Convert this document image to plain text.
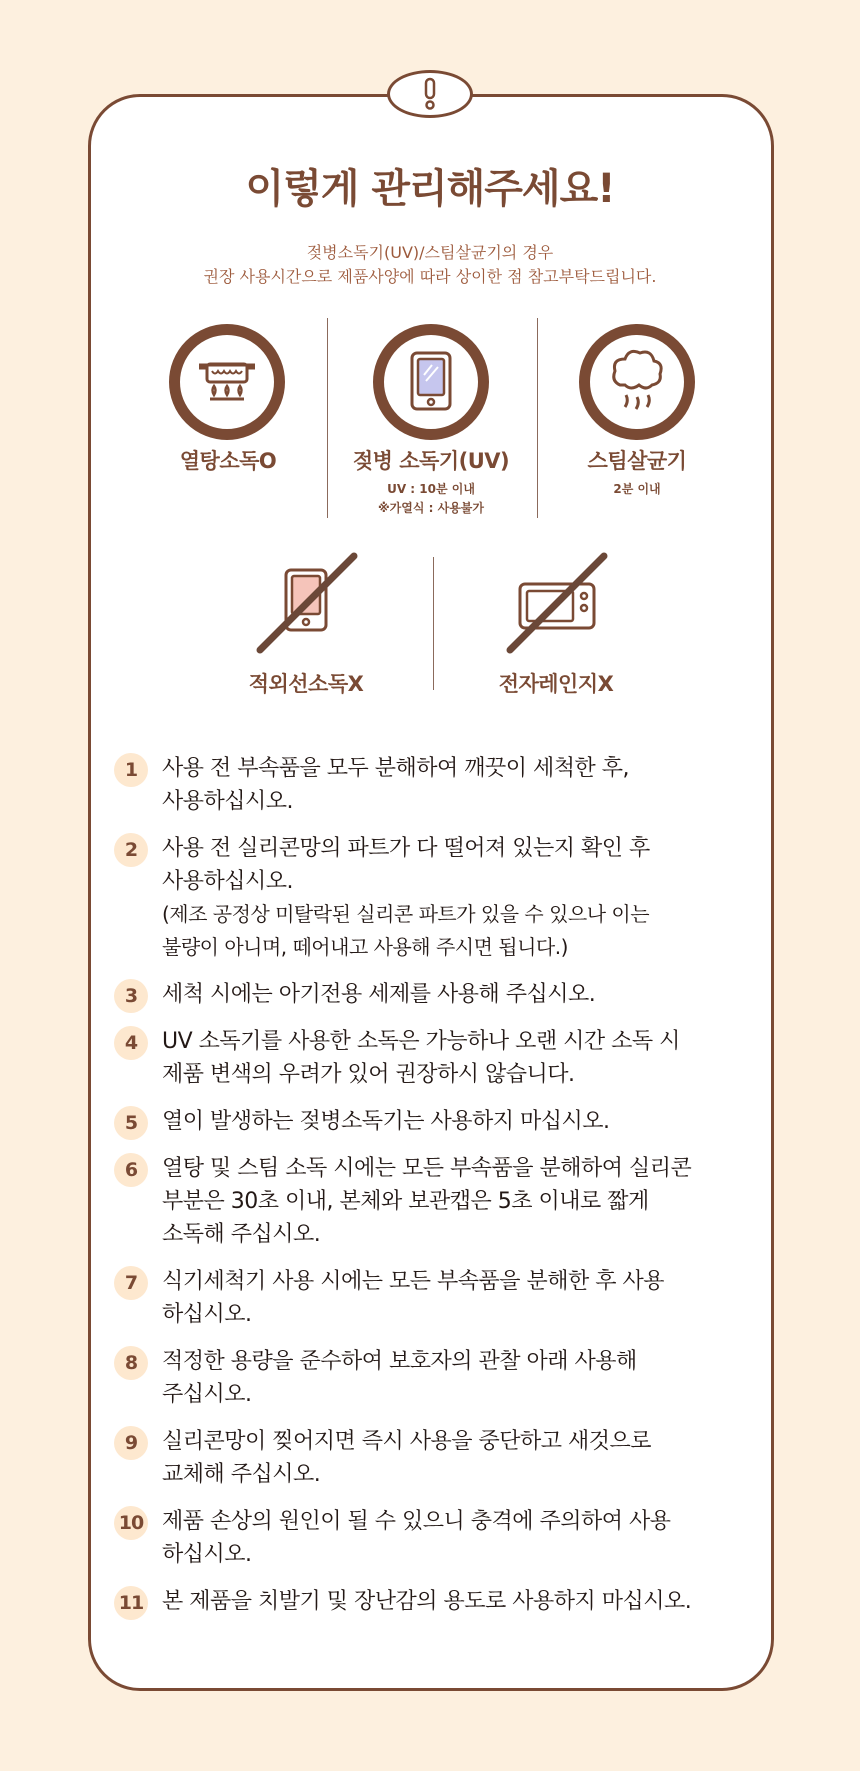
이렇게 관리해주세요!
젖병소독기(UV)/스팀살균기의 경우
권장 사용시간으로 제품사양에 따라 상이한 점 참고부탁드립니다.
열탕소독O	젖병 소독기(UV)
UV : 10분 이내
※가열식 : 사용불가
스팀살균기
2분 이내
적외선소독X	전자레인지X
1	사용 전 부속품을 모두 분해하여 깨끗이 세척한 후,
사용하십시오.
2	사용 전 실리콘망의 파트가 다 떨어져 있는지 확인 후
사용하십시오.
(제조 공정상 미탈락된 실리콘 파트가 있을 수 있으나 이는
불량이 아니며, 떼어내고 사용해 주시면 됩니다.)
3	세척 시에는 아기전용 세제를 사용해 주십시오.
4	UV 소독기를 사용한 소독은 가능하나 오랜 시간 소독 시
제품 변색의 우려가 있어 권장하시 않습니다.
5	열이 발생하는 젖병소독기는 사용하지 마십시오.
6	열탕 및 스팀 소독 시에는 모든 부속품을 분해하여 실리콘
부분은 30초 이내, 본체와 보관캡은 5초 이내로 짧게
소독해 주십시오.
7	식기세척기 사용 시에는 모든 부속품을 분해한 후 사용
하십시오.
8	적정한 용량을 준수하여 보호자의 관찰 아래 사용해
주십시오.
9	실리콘망이 찢어지면 즉시 사용을 중단하고 새것으로
교체해 주십시오.
10 제품 손상의 원인이 될 수 있으니 충격에 주의하여 사용
하십시오.
11 본 제품을 치발기 및 장난감의 용도로 사용하지 마십시오.
